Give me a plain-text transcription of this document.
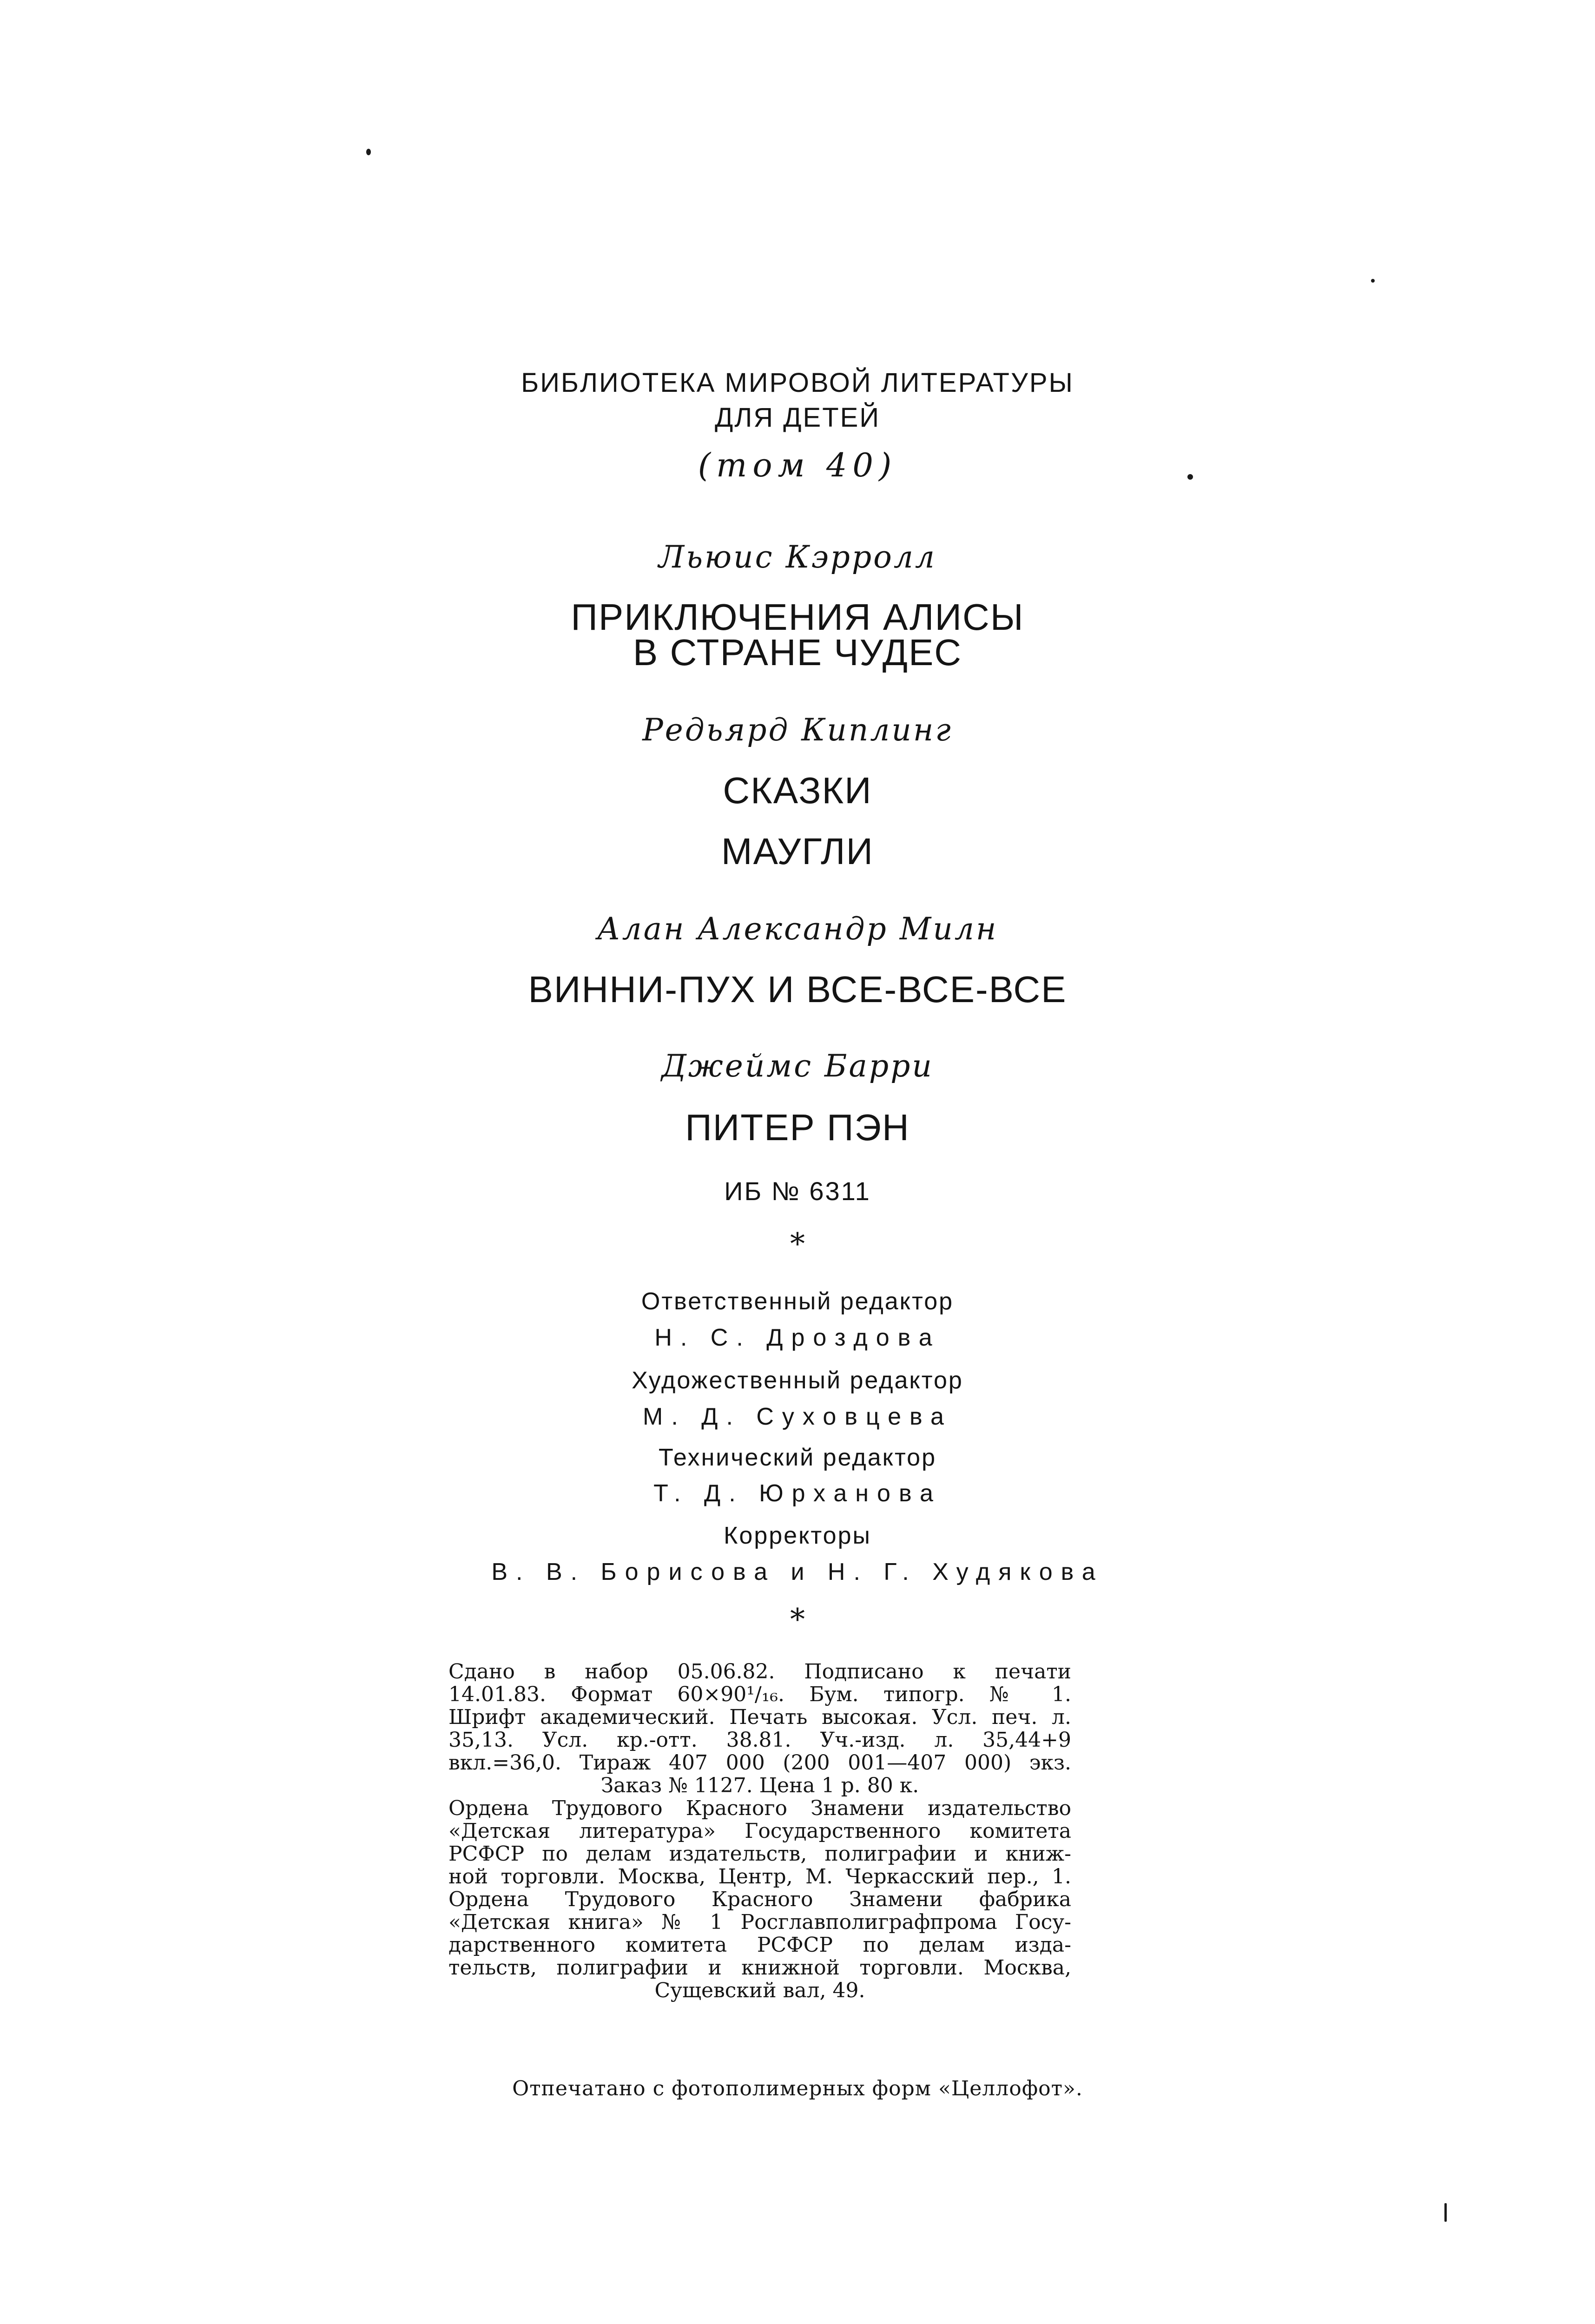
БИБЛИОТЕКА МИРОВОЙ ЛИТЕРАТУРЫ
ДЛЯ ДЕТЕЙ
(том 40)
Льюис Кэрролл
ПРИКЛЮЧЕНИЯ АЛИСЫ
В СТРАНЕ ЧУДЕС
Редьярд Киплинг
СКАЗКИ
МАУГЛИ
Алан Александр Милн
ВИННИ-ПУХ И ВСЕ-ВСЕ-ВСЕ
Джеймс Барри
ПИТЕР ПЭН
ИБ № 6311
*
Ответственный редактор
Н. С. Дроздова
Художественный редактор
М. Д. Суховцева
Технический редактор
Т. Д. Юрханова
Корректоры
В. В. Борисова и Н. Г. Худякова
*
Сдано в набор 05.06.82. Подписано к печати
14.01.83. Формат 60×90¹/₁₆. Бум. типогр. № 1.
Шрифт академический. Печать высокая. Усл. печ. л.
35,13. Усл. кр.-отт. 38.81. Уч.-изд. л. 35,44+9
вкл.=36,0. Тираж 407 000 (200 001—407 000) экз.
Заказ № 1127. Цена 1 р. 80 к.
Ордена Трудового Красного Знамени издательство
«Детская литература» Государственного комитета
РСФСР по делам издательств, полиграфии и книж-
ной торговли. Москва, Центр, М. Черкасский пер., 1.
Ордена Трудового Красного Знамени фабрика
«Детская книга» № 1 Росглавполиграфпрома Госу-
дарственного комитета РСФСР по делам изда-
тельств, полиграфии и книжной торговли. Москва,
Сущевский вал, 49.
Отпечатано с фотополимерных форм «Целлофот».
